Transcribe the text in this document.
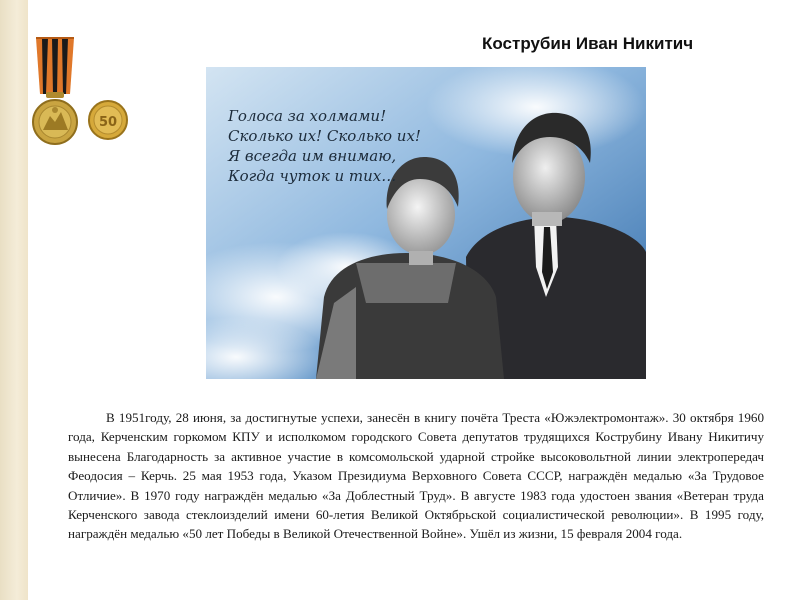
50
Кострубин Иван Никитич
Голоса за холмами!
Сколько их! Сколько их!
Я всегда им внимаю,
Когда чуток и тих…
В 1951году, 28 июня, за достигнутые успехи, занесён в книгу почёта Треста «Южэлектромонтаж». 30 октября 1960 года, Керченским горкомом КПУ и исполкомом городского Совета депутатов трудящихся Кострубину Ивану Никитичу вынесена Благодарность за активное участие в комсомольской ударной стройке высоковольтной линии электропередач Феодосия – Керчь. 25 мая 1953 года, Указом Президиума Верховного Совета СССР, награждён медалью «За Трудовое Отличие». В 1970 году награждён медалью «За Доблестный Труд». В августе 1983 года удостоен звания «Ветеран труда Керченского завода стеклоизделий имени 60-летия Великой Октябрьской социалистической революции». В 1995 году, награждён медалью «50 лет Победы в Великой Отечественной Войне». Ушёл из жизни, 15 февраля 2004 года.
